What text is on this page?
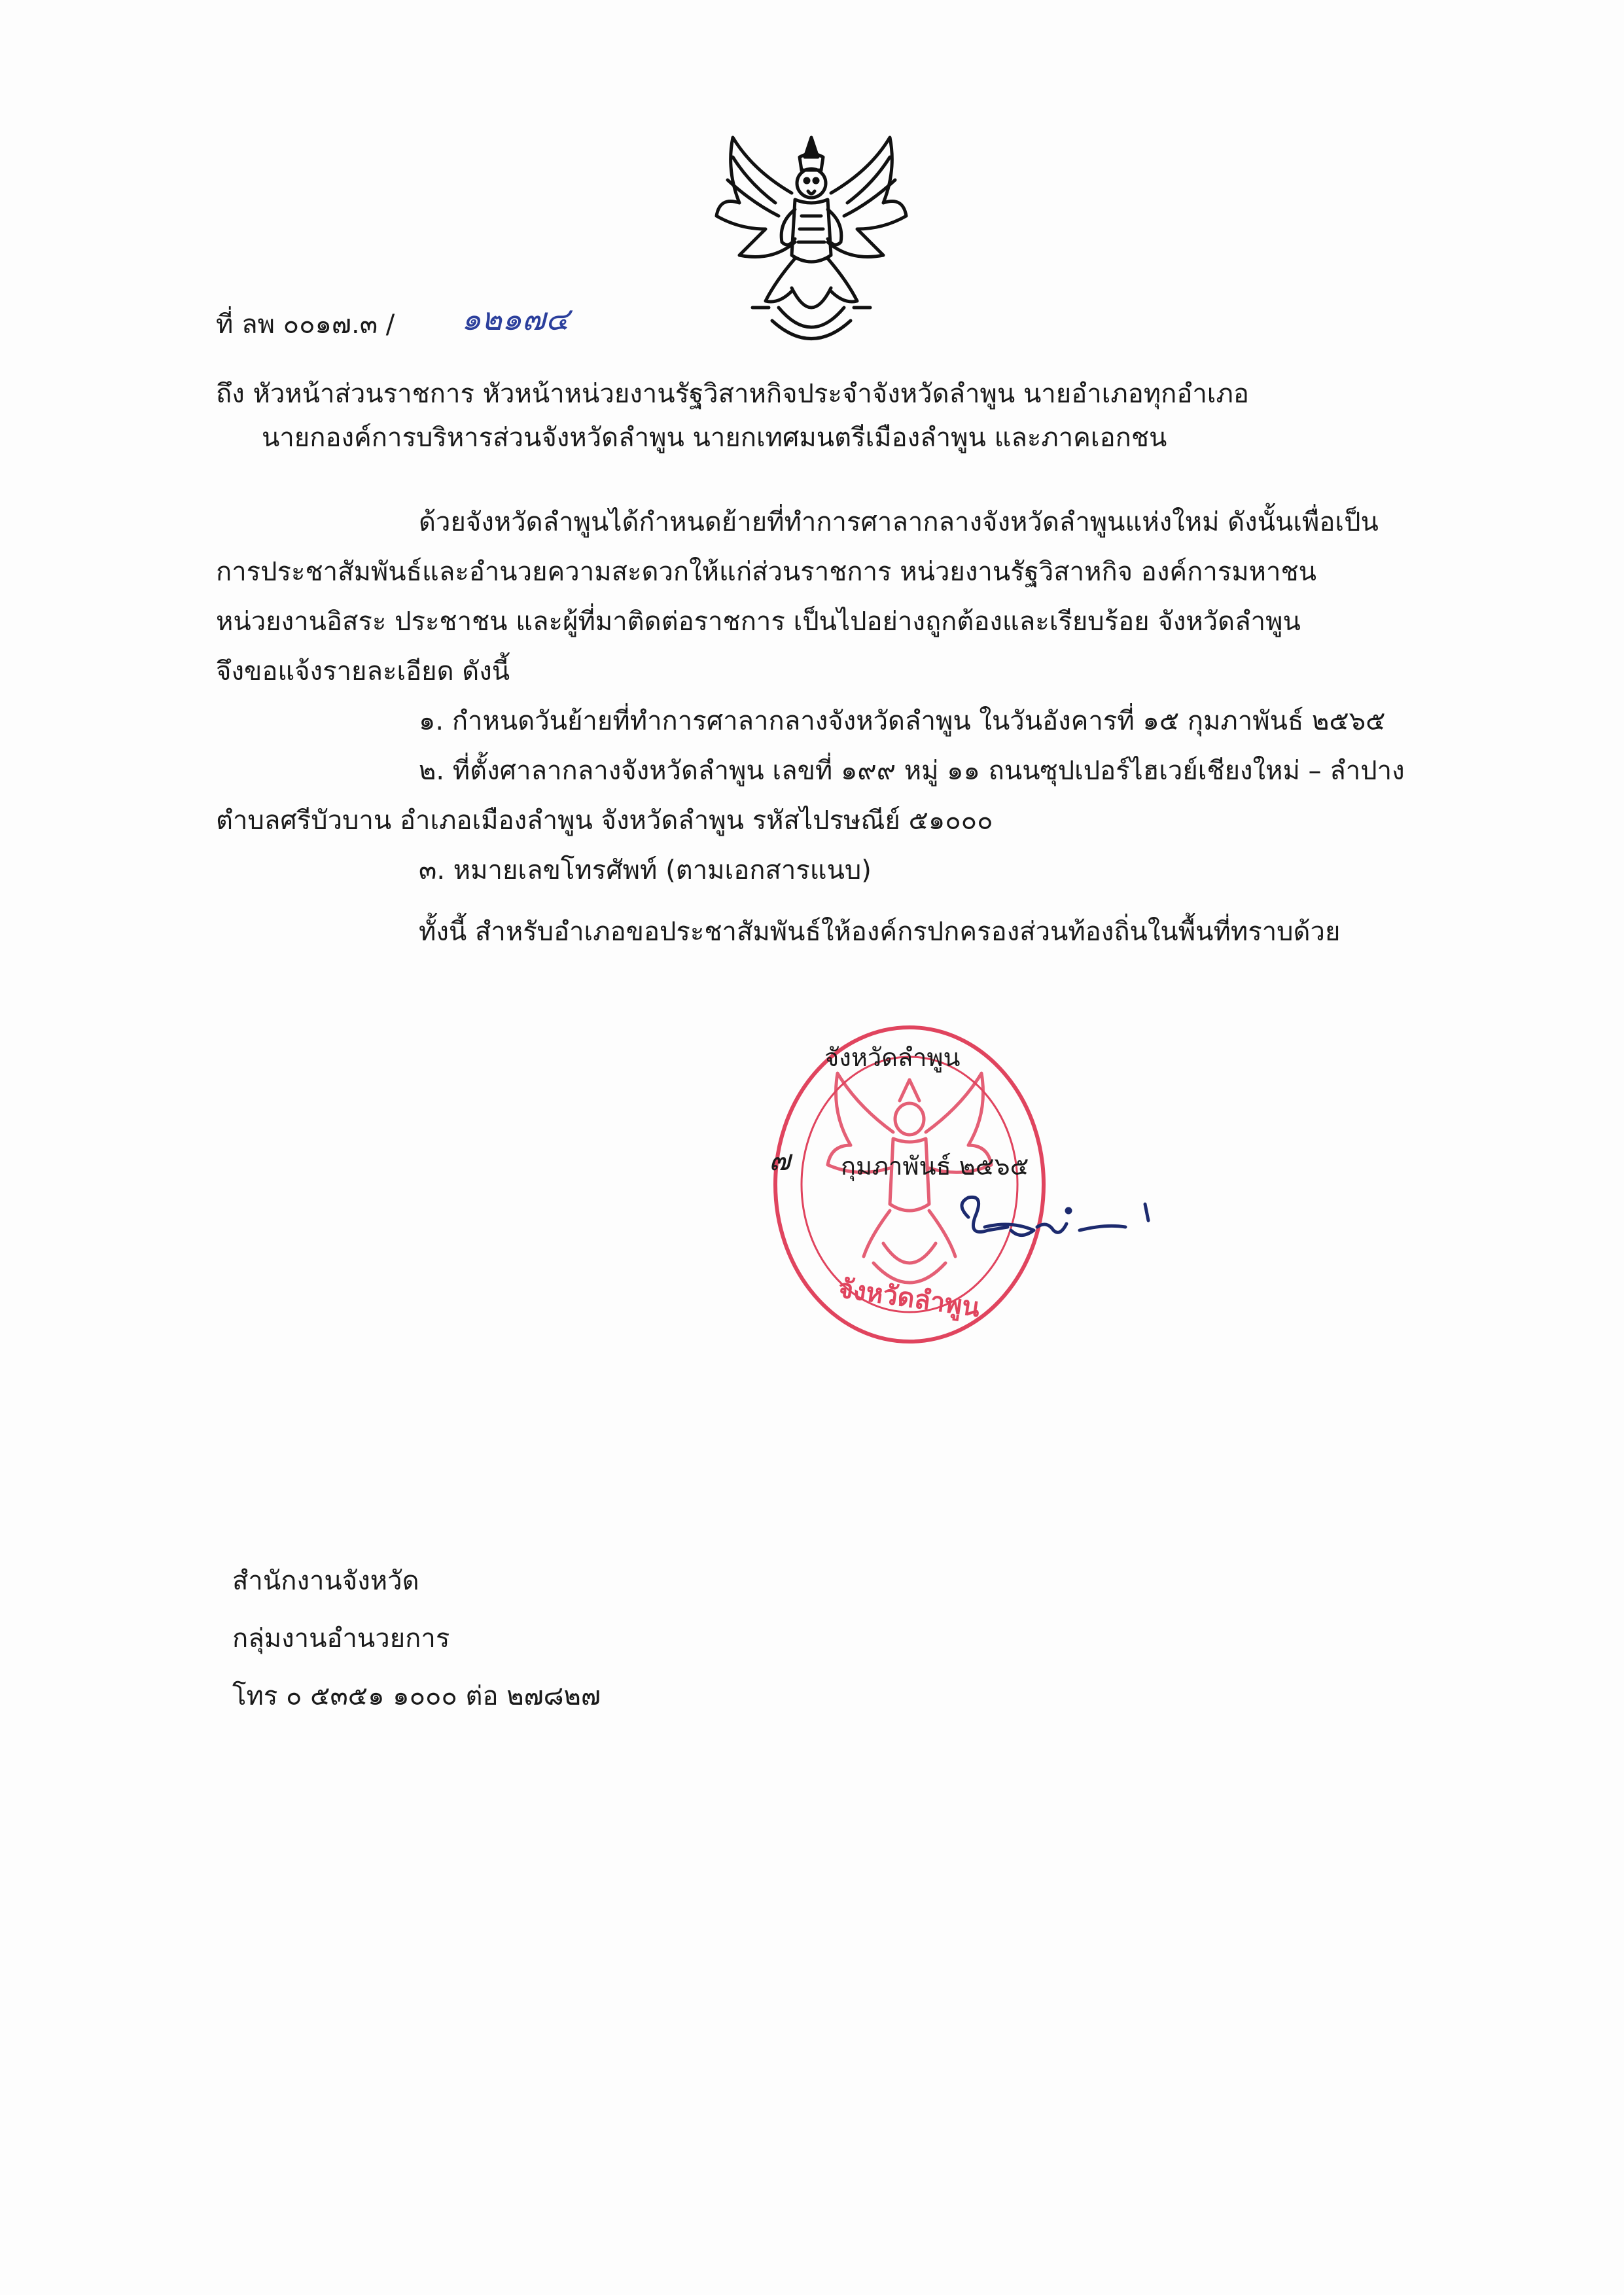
ที่ ลพ ๐๐๑๗.๓ / ๑๒๑๗๔
ถึง หัวหน้าส่วนราชการ หัวหน้าหน่วยงานรัฐวิสาหกิจประจำจังหวัดลำพูน นายอำเภอทุกอำเภอ
นายกองค์การบริหารส่วนจังหวัดลำพูน นายกเทศมนตรีเมืองลำพูน และภาคเอกชน
ด้วยจังหวัดลำพูนได้กำหนดย้ายที่ทำการศาลากลางจังหวัดลำพูนแห่งใหม่ ดังนั้นเพื่อเป็น
การประชาสัมพันธ์และอำนวยความสะดวกให้แก่ส่วนราชการ หน่วยงานรัฐวิสาหกิจ องค์การมหาชน
หน่วยงานอิสระ ประชาชน และผู้ที่มาติดต่อราชการ เป็นไปอย่างถูกต้องและเรียบร้อย จังหวัดลำพูน
จึงขอแจ้งรายละเอียด ดังนี้
๑. กำหนดวันย้ายที่ทำการศาลากลางจังหวัดลำพูน ในวันอังคารที่ ๑๕ กุมภาพันธ์ ๒๕๖๕
๒. ที่ตั้งศาลากลางจังหวัดลำพูน เลขที่ ๑๙๙ หมู่ ๑๑ ถนนซุปเปอร์ไฮเวย์เชียงใหม่ – ลำปาง
ตำบลศรีบัวบาน อำเภอเมืองลำพูน จังหวัดลำพูน รหัสไปรษณีย์ ๕๑๐๐๐
๓. หมายเลขโทรศัพท์ (ตามเอกสารแนบ)
ทั้งนี้ สำหรับอำเภอขอประชาสัมพันธ์ให้องค์กรปกครองส่วนท้องถิ่นในพื้นที่ทราบด้วย
จังหวัดลำพูน
๗ กุมภาพันธ์ ๒๕๖๕
จังหวัดลำพูน
สำนักงานจังหวัด
กลุ่มงานอำนวยการ
โทร ๐ ๕๓๕๑ ๑๐๐๐ ต่อ ๒๗๘๒๗
